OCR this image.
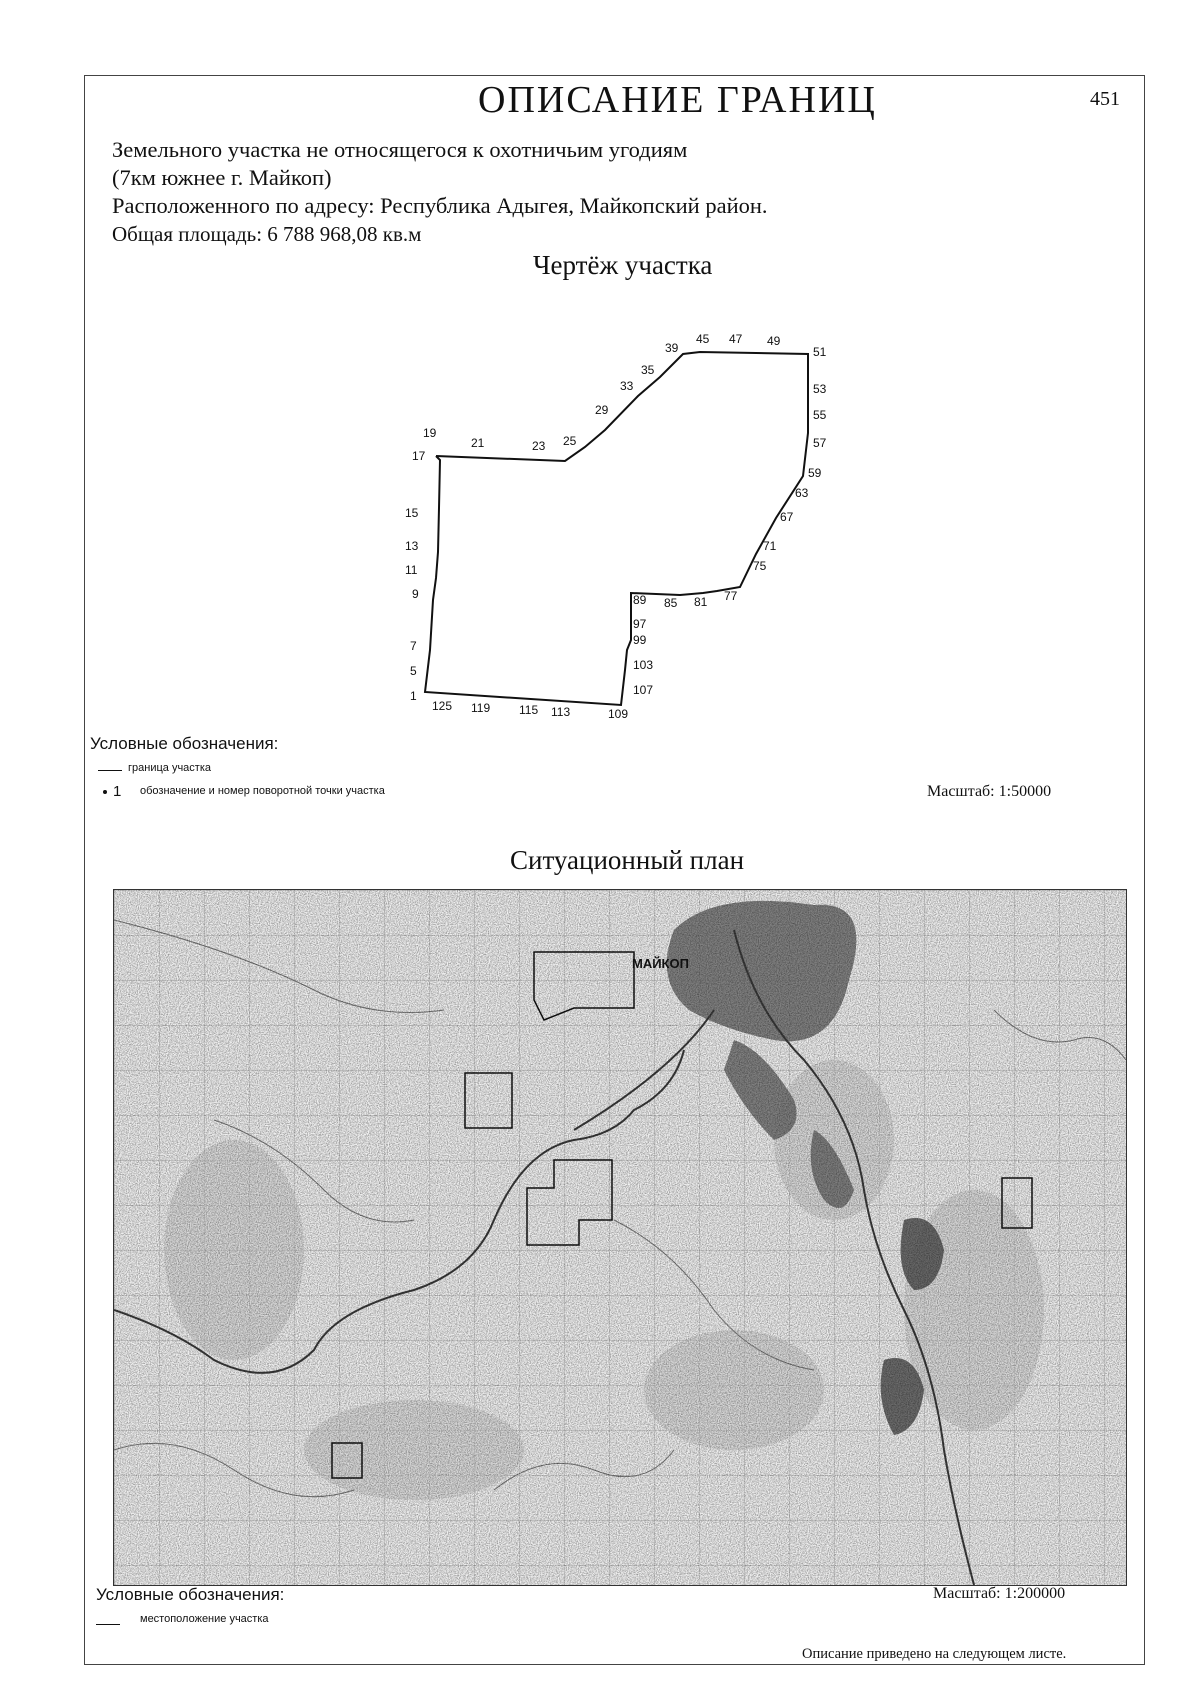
ОПИСАНИЕ ГРАНИЦ	451
Земельного участка не относящегося к охотничьим угодиям
(7км южнее г. Майкоп)
Расположенного по адресу: Республика Адыгея, Майкопский район.
Общая площадь: 6 788 968,08 кв.м
Чертёж участка
1
5
7
9
11
13
15
17
19
21	23 25
29
33
35
39
45 47 49
51
53
55
57
59
63
67
71
75
77
81
85
89
97
99
103
107
109
113
115
119
125
Условные обозначения:
граница участка
1 обозначение и номер поворотной точки участка	Масштаб: 1:50000
Ситуационный план
МАЙКОП
Условные обозначения:
местоположение участка
Масштаб: 1:200000
Описание приведено на следующем листе.
